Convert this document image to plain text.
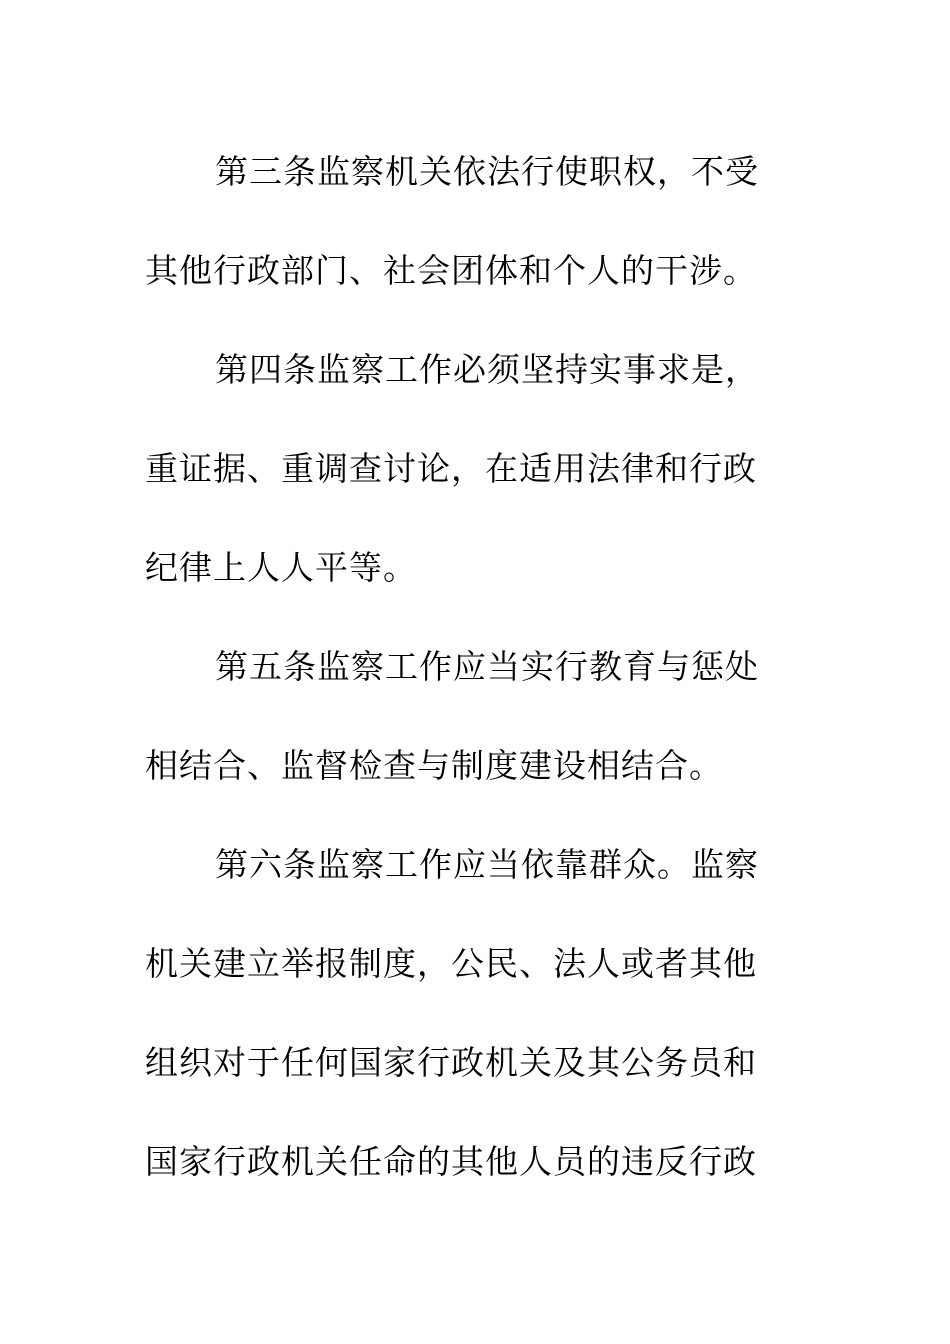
第三条监察机关依法行使职权，不受
其他行政部门、社会团体和个人的干涉。
第四条监察工作必须坚持实事求是，
重证据、重调查讨论，在适用法律和行政
纪律上人人平等。
第五条监察工作应当实行教育与惩处
相结合、监督检查与制度建设相结合。
第六条监察工作应当依靠群众。监察
机关建立举报制度，公民、法人或者其他
组织对于任何国家行政机关及其公务员和
国家行政机关任命的其他人员的违反行政
